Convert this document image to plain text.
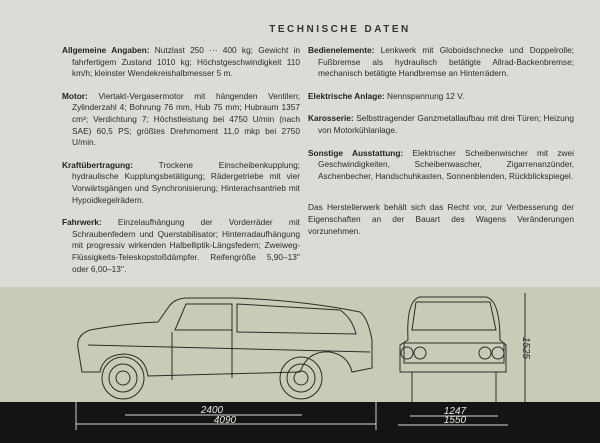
TECHNISCHE DATEN

Allgemeine Angaben: Nutzlast 250 ··· 400 kg; Gewicht in fahrfertigem Zustand 1010 kg; Höchstgeschwindigkeit 110 km/h; kleinster Wendekreishalbmesser 5 m.

Motor: Viertakt-Vergasermotor mit hängenden Ventilen; Zylinderzahl 4; Bohrung 76 mm, Hub 75 mm; Hubraum 1357 cm³; Verdichtung 7; Höchstleistung bei 4750 U/min (nach SAE) 60,5 PS; größtes Drehmoment 11,0 mkp bei 2750 U/min.

Kraftübertragung: Trockene Einscheibenkupplung; hydraulische Kupplungsbetätigung; Rädergetriebe mit vier Vorwärtsgängen und Synchronisierung; Hinterachsantrieb mit Hypoidkegelrädern.

Fahrwerk: Einzelaufhängung der Vorderräder mit Schraubenfedern und Querstabilisator; Hinterradaufhängung mit progressiv wirkenden Halbelliptik-Längsfedern; Zweiweg-Flüssigkeits-Teleskopstoßdämpfer. Reifengröße 5,90–13'' oder 6,00–13''.

Bedienelemente: Lenkwerk mit Globoidschnecke und Doppelrolle; Fußbremse als hydraulisch betätigte Allrad-Backenbremse; mechanisch betätigte Handbremse an Hinterrädern.

Elektrische Anlage: Nennspannung 12 V.

Karosserie: Selbsttragender Ganzmetallaufbau mit drei Türen; Heizung von Motorkühlanlage.

Sonstige Ausstattung: Elektrischer Scheibenwischer mit zwei Geschwindigkeiten, Scheibenwascher, Zigarrenanzünder, Aschenbecher, Handschuhkasten, Sonnenblenden, Rückblickspiegel.

Das Herstellerwerk behält sich das Recht vor, zur Verbesserung der Eigenschaften an der Bauart des Wagens Veränderungen vorzunehmen.

2400
4090
1247
1550
1525
